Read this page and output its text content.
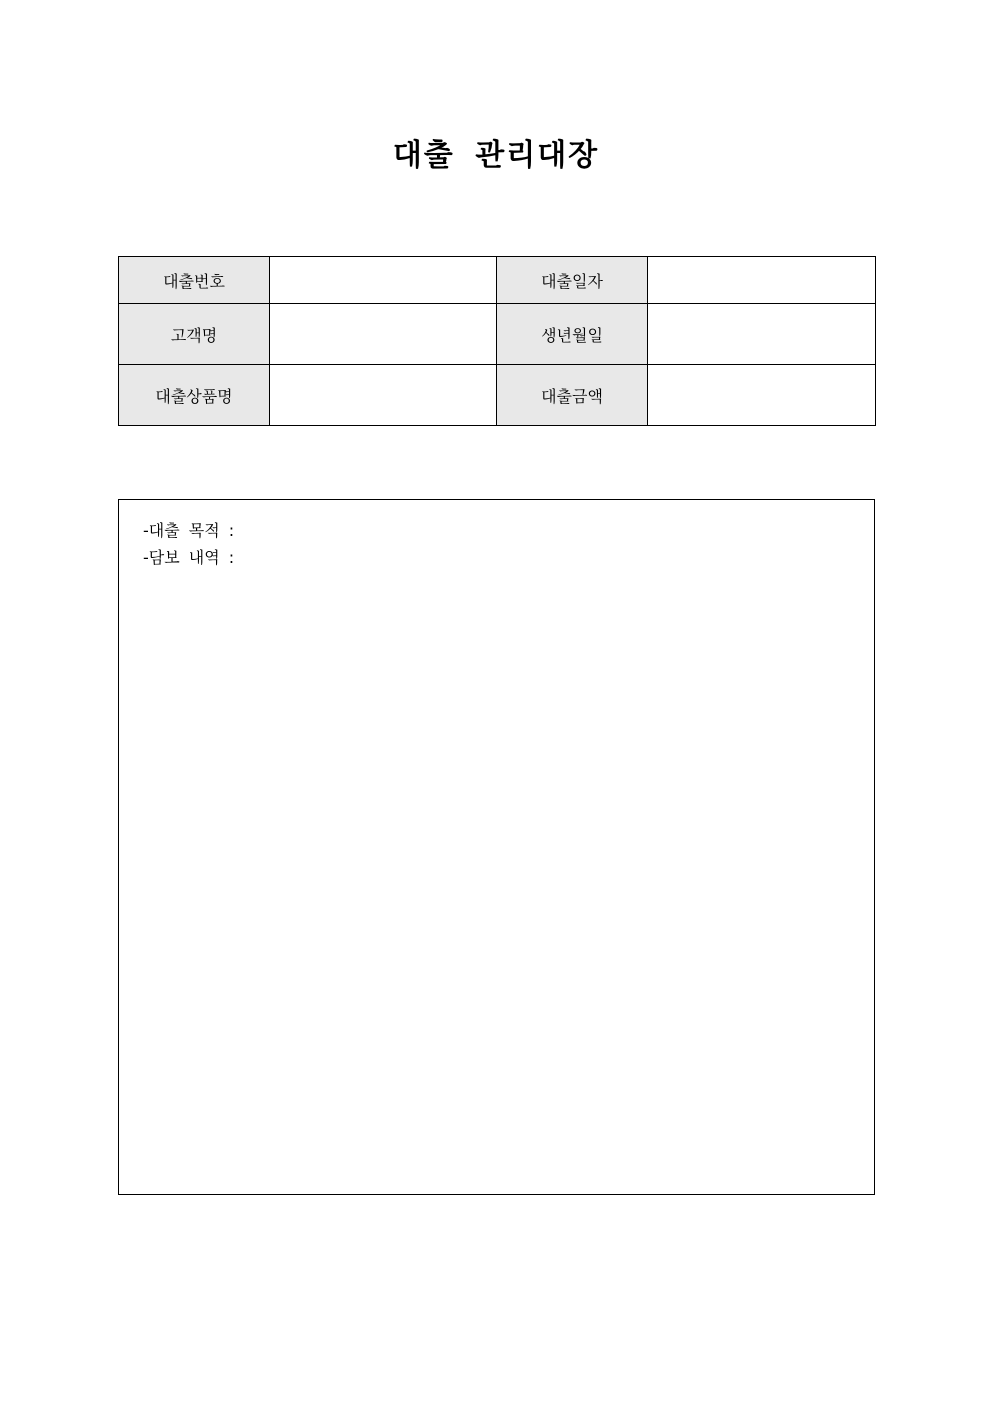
대출 관리대장
대출번호		대출일자	
고객명		생년월일	
대출상품명		대출금액	
-대출 목적 :
-담보 내역 :
